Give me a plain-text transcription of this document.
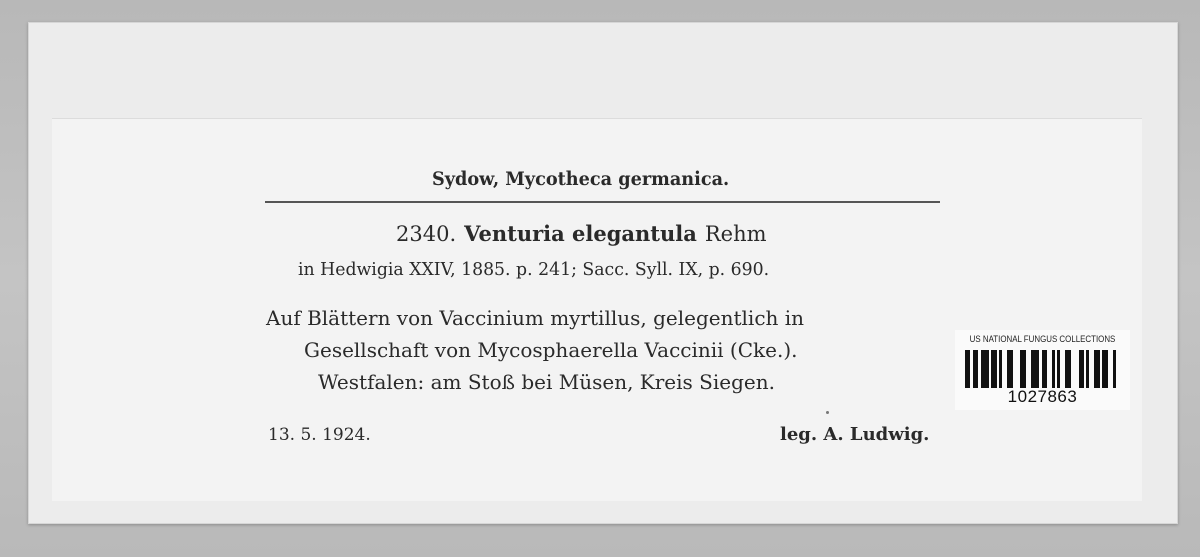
Sydow, Mycotheca germanica.
2340. Venturia elegantula Rehm
in Hedwigia XXIV, 1885. p. 241; Sacc. Syll. IX, p. 690.
Auf Blättern von Vaccinium myrtillus, gelegentlich in
Gesellschaft von Mycosphaerella Vaccinii (Cke.).
Westfalen: am Stoß bei Müsen, Kreis Siegen.
13. 5. 1924.	leg. A. Ludwig.
US NATIONAL FUNGUS COLLECTIONS
1027863
